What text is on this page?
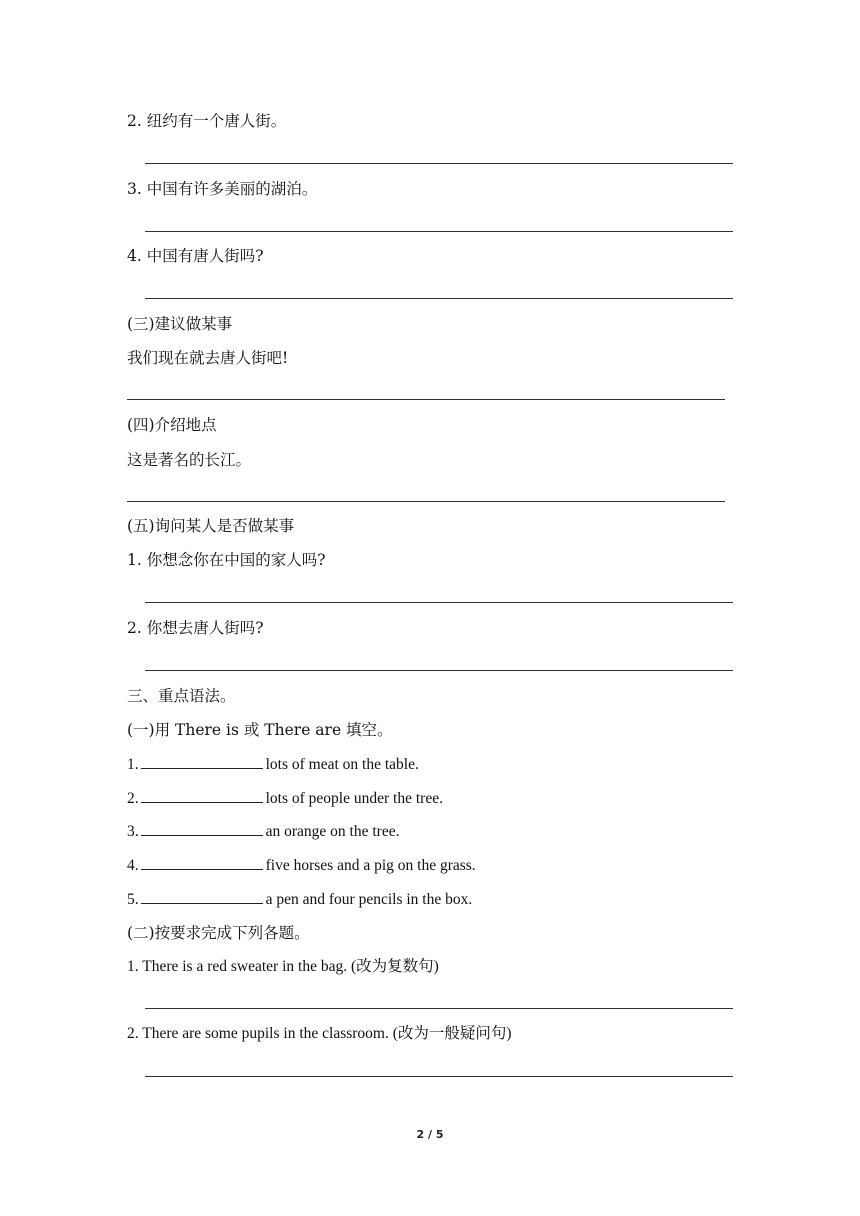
2. 纽约有一个唐人街。
3. 中国有许多美丽的湖泊。
4. 中国有唐人街吗?
(三)建议做某事
我们现在就去唐人街吧!
(四)介绍地点
这是著名的长江。
(五)询问某人是否做某事
1. 你想念你在中国的家人吗?
2. 你想去唐人街吗?
三、重点语法。
(一)用 There is 或 There are 填空。
1.	lots of meat on the table.
2.	lots of people under the tree.
3.	an orange on the tree.
4.	five horses and a pig on the grass.
5.	a pen and four pencils in the box.
(二)按要求完成下列各题。
1. There is a red sweater in the bag. (改为复数句)
2. There are some pupils in the classroom. (改为一般疑问句)
2 / 5
